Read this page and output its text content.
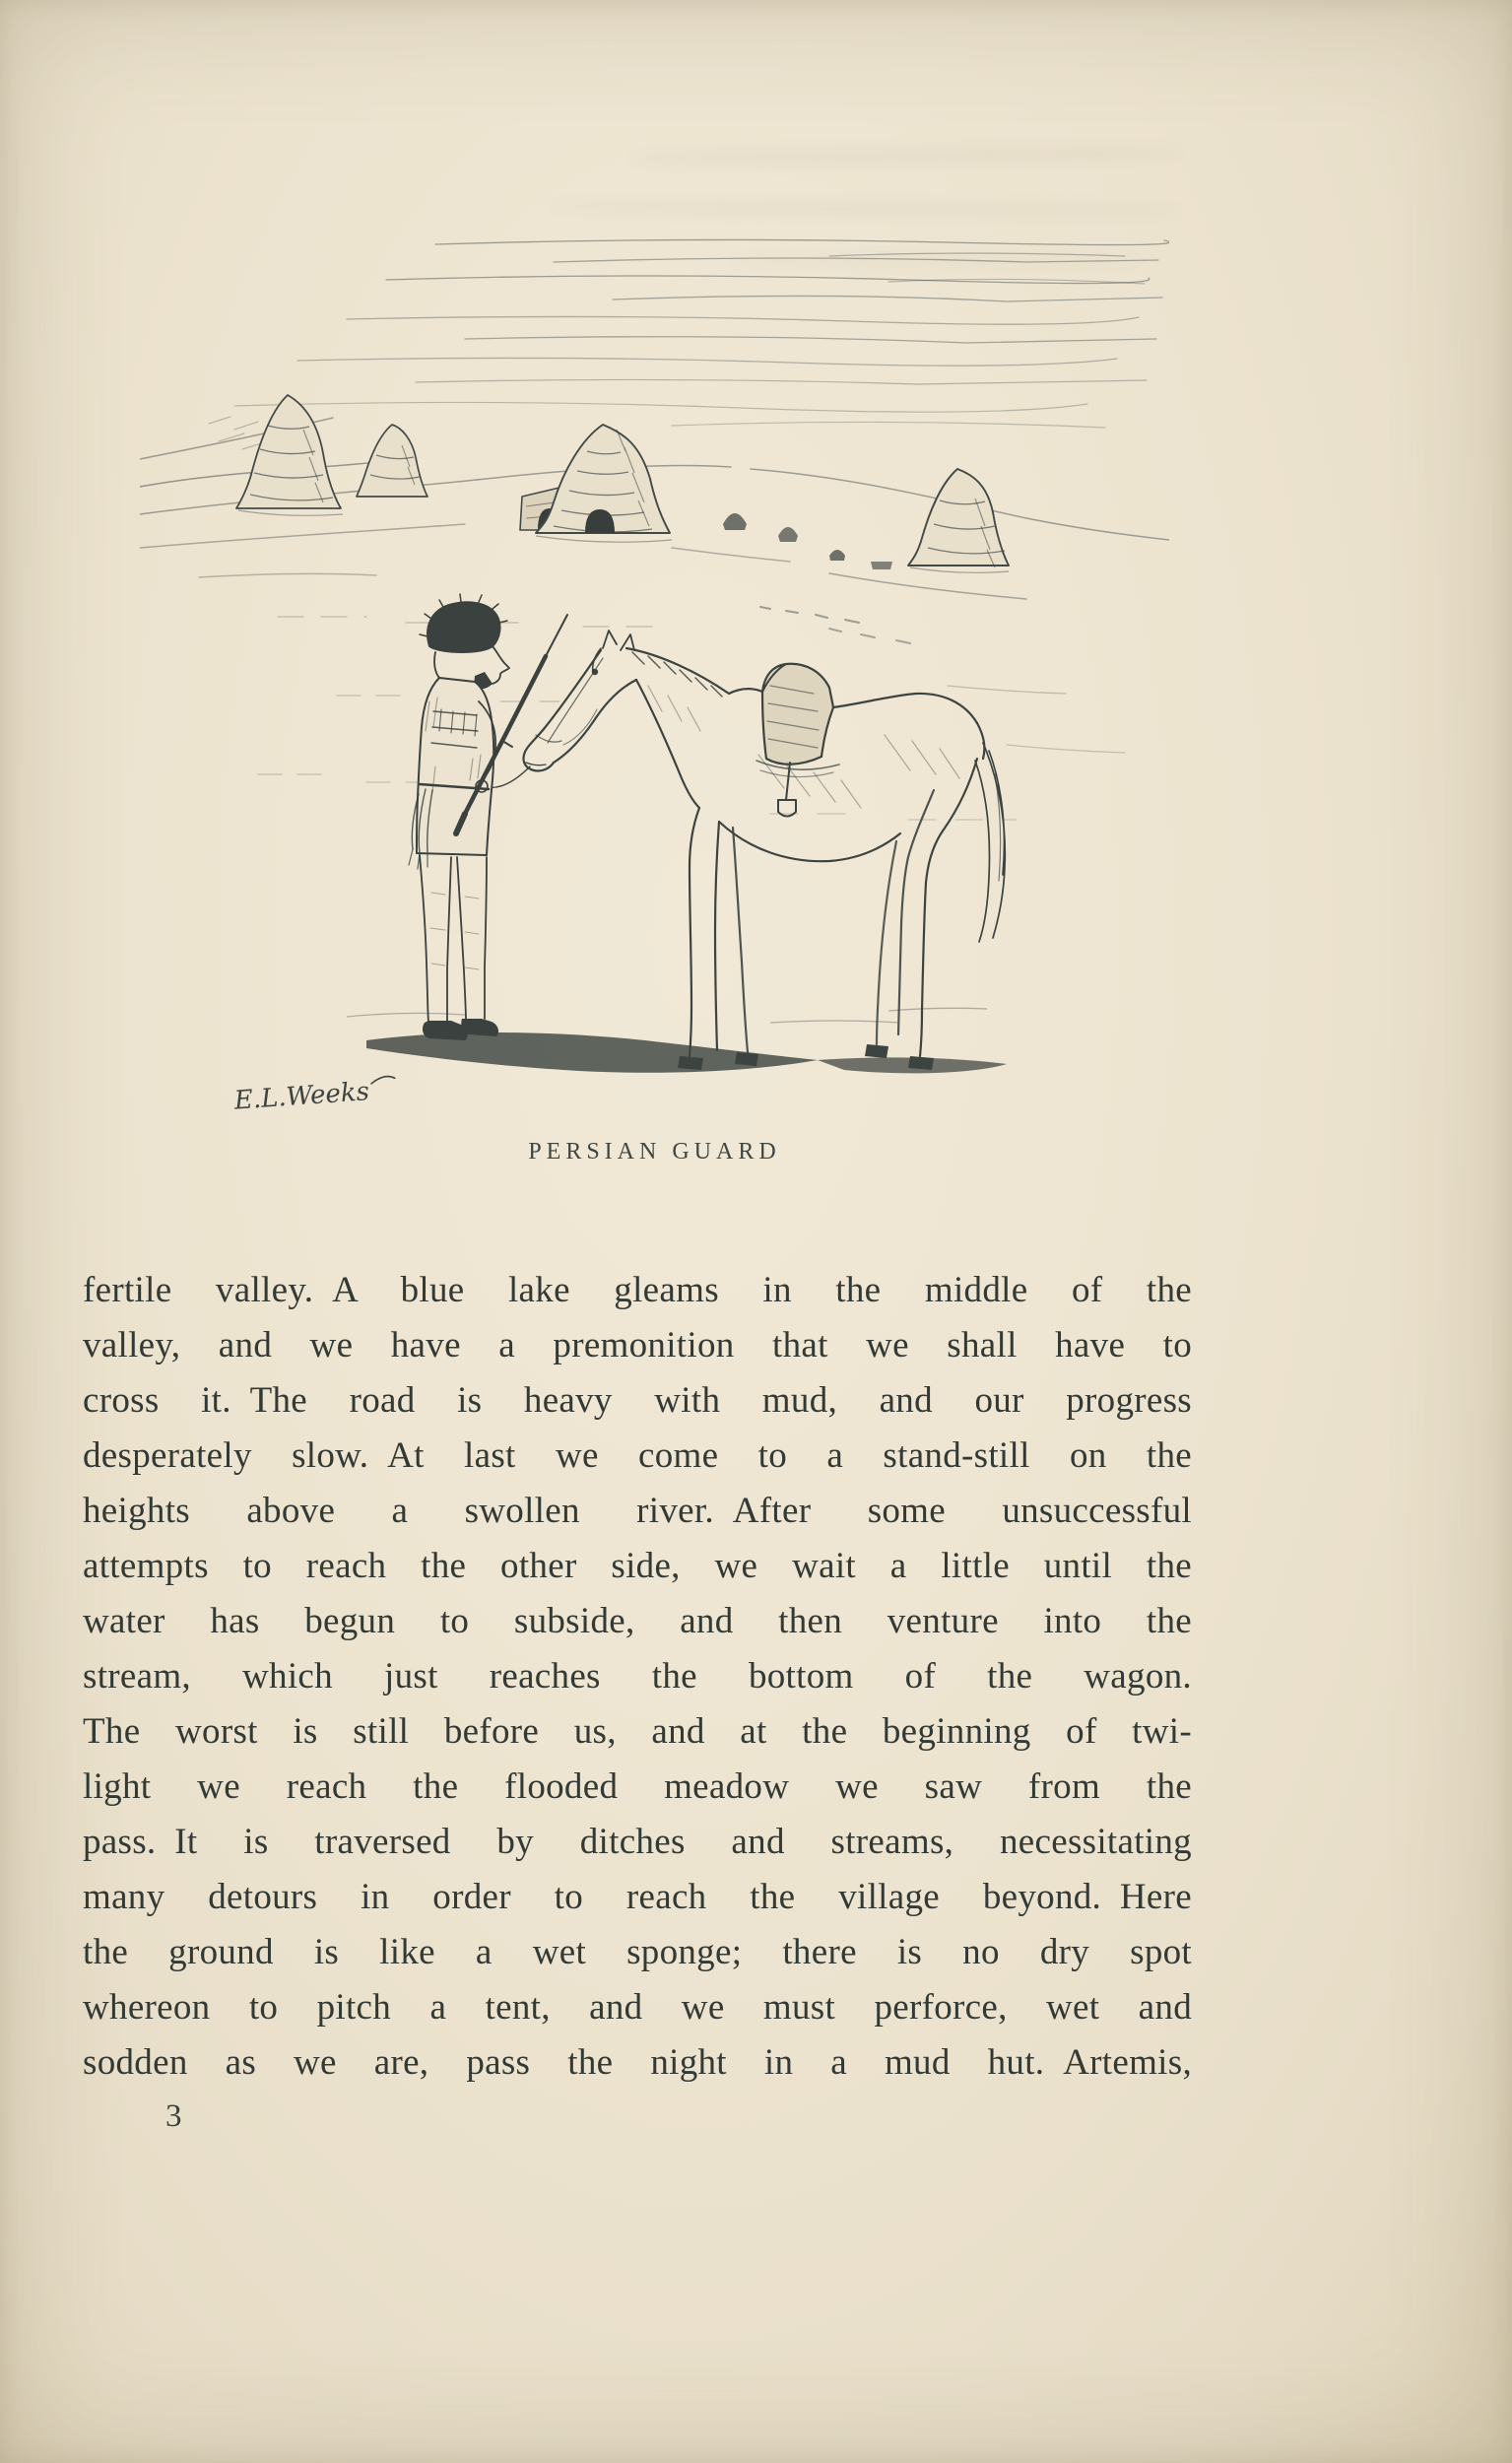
E.L.Weeks
PERSIAN GUARD
fertile valley. A blue lake gleams in the middle of the
valley, and we have a premonition that we shall have to
cross it. The road is heavy with mud, and our progress
desperately slow. At last we come to a stand-still on the
heights above a swollen river. After some unsuccessful
attempts to reach the other side, we wait a little until the
water has begun to subside, and then venture into the
stream, which just reaches the bottom of the wagon.
The worst is still before us, and at the beginning of twi-
light we reach the flooded meadow we saw from the
pass. It is traversed by ditches and streams, necessitating
many detours in order to reach the village beyond. Here
the ground is like a wet sponge; there is no dry spot
whereon to pitch a tent, and we must perforce, wet and
sodden as we are, pass the night in a mud hut. Artemis,
3
